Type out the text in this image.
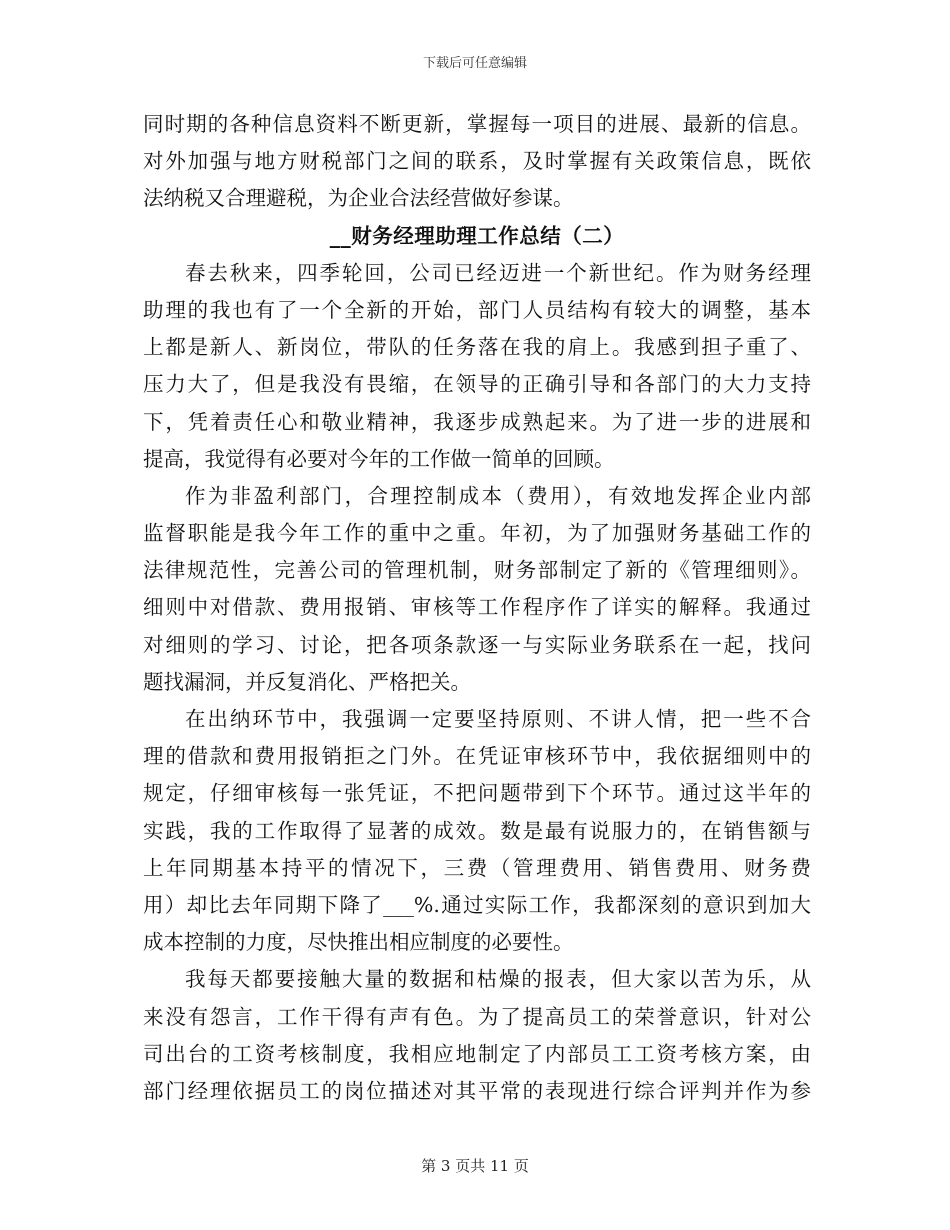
下载后可任意编辑
同时期的各种信息资料不断更新，掌握每一项目的进展、最新的信息。
对外加强与地方财税部门之间的联系，及时掌握有关政策信息，既依
法纳税又合理避税，为企业合法经营做好参谋。
__财务经理助理工作总结（二）
春去秋来，四季轮回，公司已经迈进一个新世纪。作为财务经理
助理的我也有了一个全新的开始，部门人员结构有较大的调整，基本
上都是新人、新岗位，带队的任务落在我的肩上。我感到担子重了、
压力大了，但是我没有畏缩，在领导的正确引导和各部门的大力支持
下，凭着责任心和敬业精神，我逐步成熟起来。为了进一步的进展和
提高，我觉得有必要对今年的工作做一简单的回顾。
作为非盈利部门，合理控制成本（费用），有效地发挥企业内部
监督职能是我今年工作的重中之重。年初，为了加强财务基础工作的
法律规范性，完善公司的管理机制，财务部制定了新的《管理细则》。
细则中对借款、费用报销、审核等工作程序作了详实的解释。我通过
对细则的学习、讨论，把各项条款逐一与实际业务联系在一起，找问
题找漏洞，并反复消化、严格把关。
在出纳环节中，我强调一定要坚持原则、不讲人情，把一些不合
理的借款和费用报销拒之门外。在凭证审核环节中，我依据细则中的
规定，仔细审核每一张凭证，不把问题带到下个环节。通过这半年的
实践，我的工作取得了显著的成效。数是最有说服力的，在销售额与
上年同期基本持平的情况下，三费（管理费用、销售费用、财务费
用）却比去年同期下降了___%.通过实际工作，我都深刻的意识到加大
成本控制的力度，尽快推出相应制度的必要性。
我每天都要接触大量的数据和枯燥的报表，但大家以苦为乐，从
来没有怨言，工作干得有声有色。为了提高员工的荣誉意识，针对公
司出台的工资考核制度，我相应地制定了内部员工工资考核方案，由
部门经理依据员工的岗位描述对其平常的表现进行综合评判并作为参
第 3 页共 11 页
